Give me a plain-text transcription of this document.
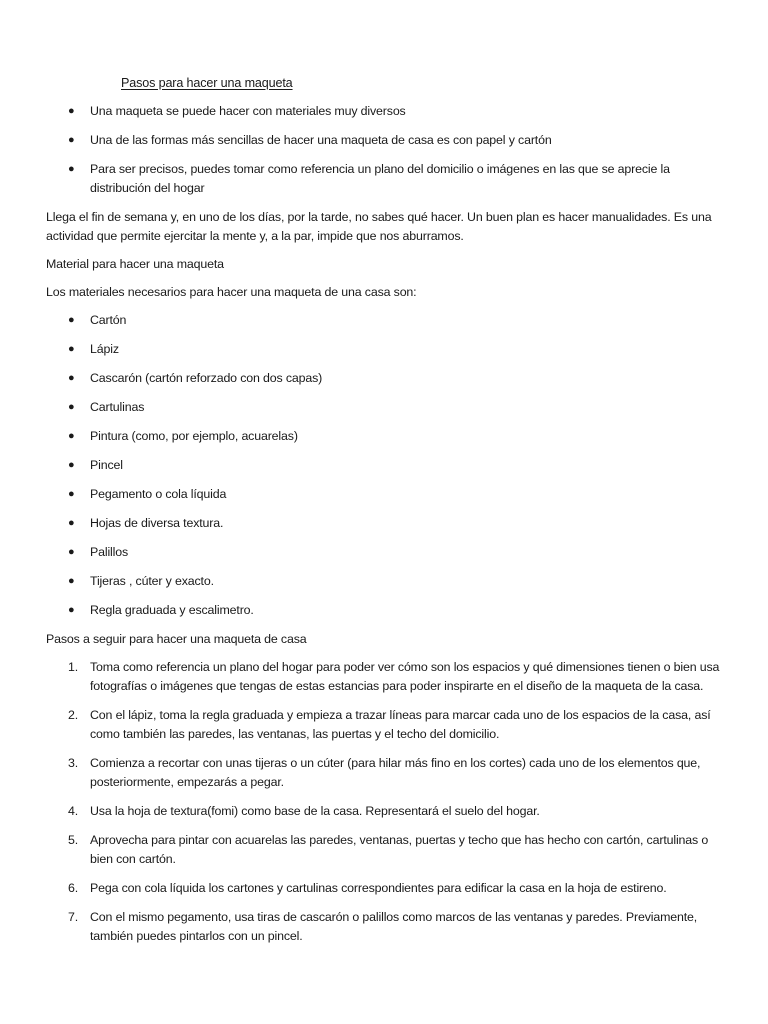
Pasos para hacer una maqueta
● Una maqueta se puede hacer con materiales muy diversos
● Una de las formas más sencillas de hacer una maqueta de casa es con papel y cartón
● Para ser precisos, puedes tomar como referencia un plano del domicilio o imágenes en las que se aprecie la distribución del hogar

Llega el fin de semana y, en uno de los días, por la tarde, no sabes qué hacer. Un buen plan es hacer manualidades. Es una actividad que permite ejercitar la mente y, a la par, impide que nos aburramos.

Material para hacer una maqueta

Los materiales necesarios para hacer una maqueta de una casa son:

● Cartón
● Lápiz
● Cascarón (cartón reforzado con dos capas)
● Cartulinas
● Pintura (como, por ejemplo, acuarelas)
● Pincel
● Pegamento o cola líquida
● Hojas de diversa textura.
● Palillos
● Tijeras , cúter y exacto.
● Regla graduada y escalimetro.

Pasos a seguir para hacer una maqueta de casa

1. Toma como referencia un plano del hogar para poder ver cómo son los espacios y qué dimensiones tienen o bien usa fotografías o imágenes que tengas de estas estancias para poder inspirarte en el diseño de la maqueta de la casa.
2. Con el lápiz, toma la regla graduada y empieza a trazar líneas para marcar cada uno de los espacios de la casa, así como también las paredes, las ventanas, las puertas y el techo del domicilio.
3. Comienza a recortar con unas tijeras o un cúter (para hilar más fino en los cortes) cada uno de los elementos que, posteriormente, empezarás a pegar.
4. Usa la hoja de textura(fomi) como base de la casa. Representará el suelo del hogar.
5. Aprovecha para pintar con acuarelas las paredes, ventanas, puertas y techo que has hecho con cartón, cartulinas o bien con cartón.
6. Pega con cola líquida los cartones y cartulinas correspondientes para edificar la casa en la hoja de estireno.
7. Con el mismo pegamento, usa tiras de cascarón o palillos como marcos de las ventanas y paredes. Previamente, también puedes pintarlos con un pincel.
